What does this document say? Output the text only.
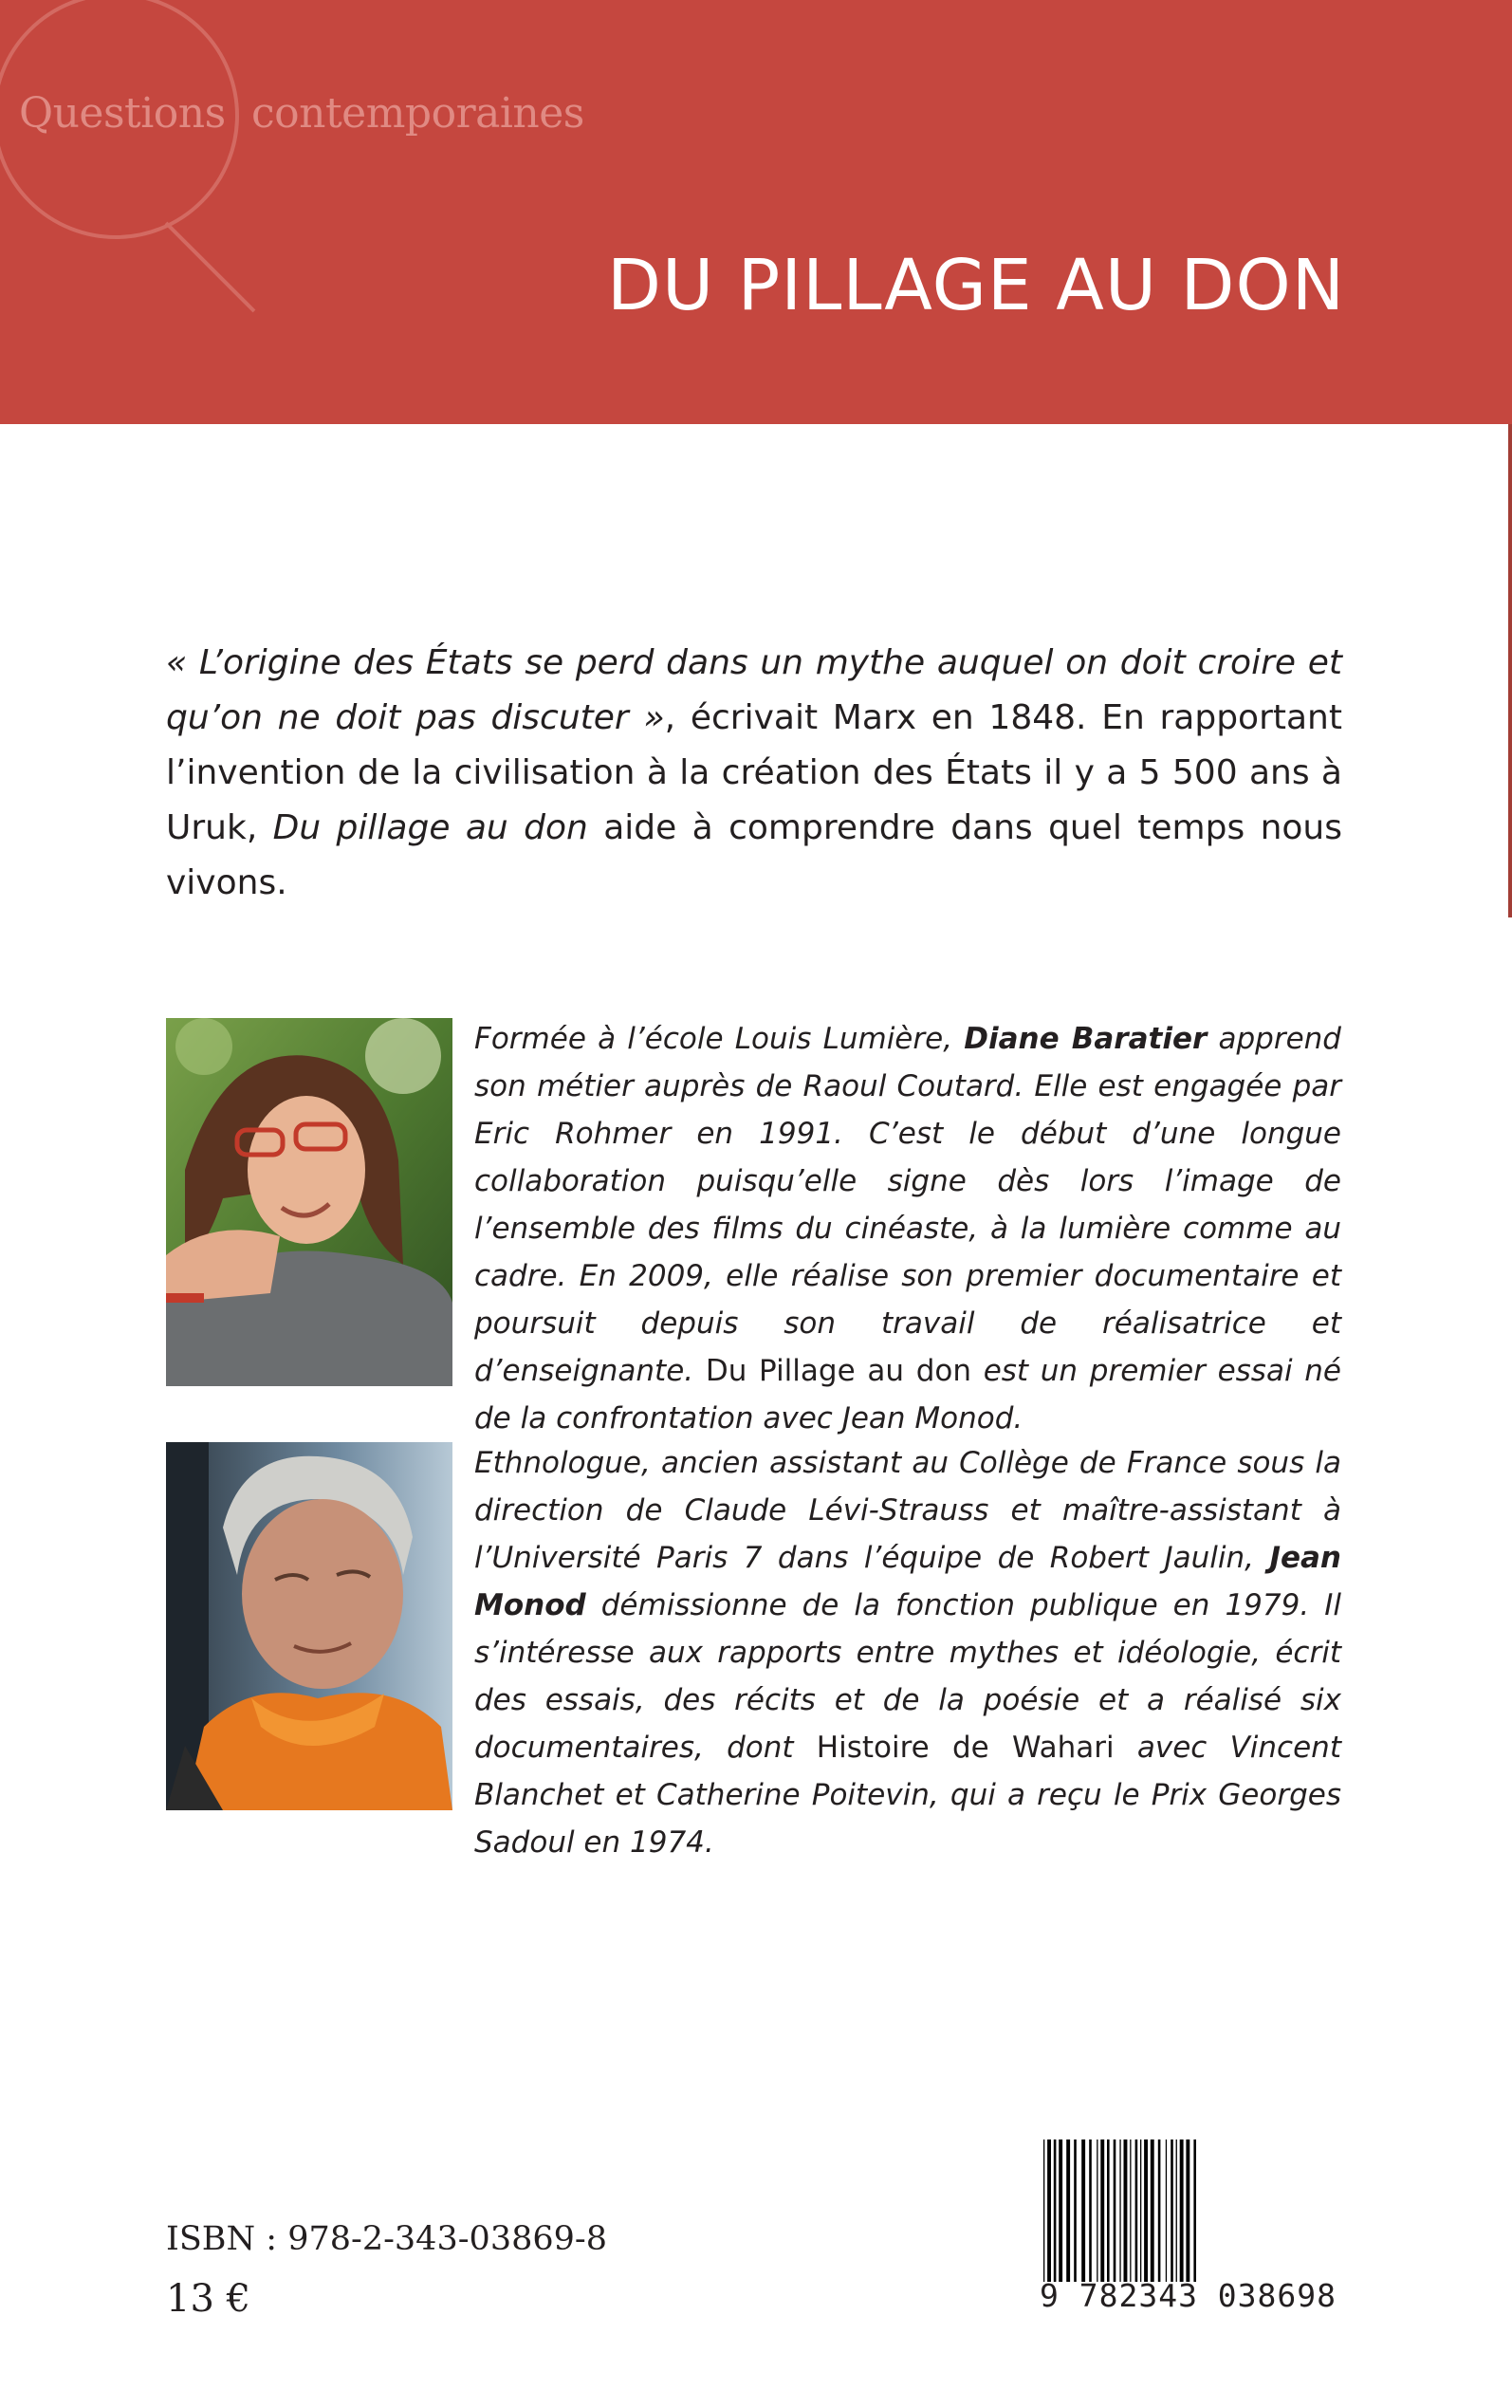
Questions contemporaines
DU PILLAGE AU DON

« L’origine des États se perd dans un mythe auquel on doit croire et qu’on ne doit pas discuter », écrivait Marx en 1848. En rapportant l’invention de la civilisation à la création des États il y a 5 500 ans à Uruk, Du pillage au don aide à comprendre dans quel temps nous vivons.

Formée à l’école Louis Lumière, Diane Baratier apprend son métier auprès de Raoul Coutard. Elle est engagée par Eric Rohmer en 1991. C’est le début d’une longue collaboration puisqu’elle signe dès lors l’image de l’ensemble des films du cinéaste, à la lumière comme au cadre. En 2009, elle réalise son premier documentaire et poursuit depuis son travail de réalisatrice et d’enseignante. Du Pillage au don est un premier essai né de la confrontation avec Jean Monod.

Ethnologue, ancien assistant au Collège de France sous la direction de Claude Lévi-Strauss et maître-assistant à l’Université Paris 7 dans l’équipe de Robert Jaulin, Jean Monod démissionne de la fonction publique en 1979. Il s’intéresse aux rapports entre mythes et idéologie, écrit des essais, des récits et de la poésie et a réalisé six documentaires, dont Histoire de Wahari avec Vincent Blanchet et Catherine Poitevin, qui a reçu le Prix Georges Sadoul en 1974.

ISBN : 978-2-343-03869-8

13 €	9 782343 038698
